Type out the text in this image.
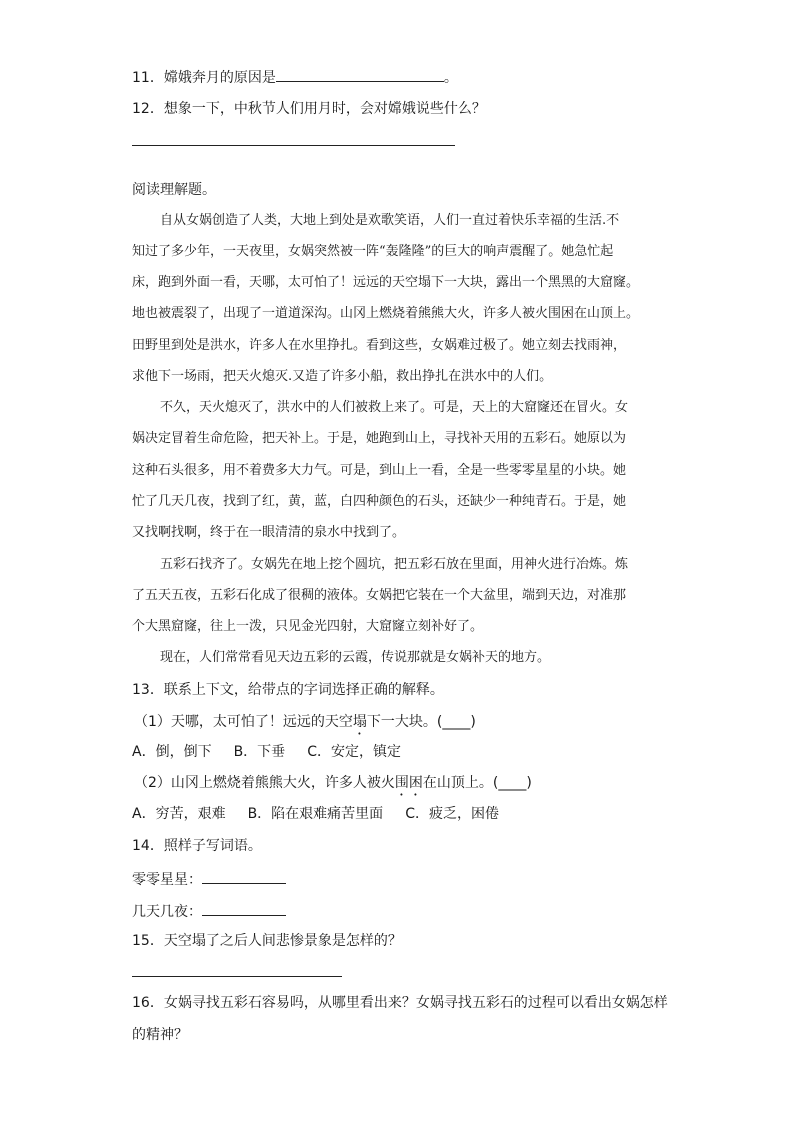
11．嫦娥奔月的原因是	。
12．想象一下，中秋节人们用月时，会对嫦娥说些什么？
阅读理解题。
自从女娲创造了人类，大地上到处是欢歌笑语，人们一直过着快乐幸福的生活.不
知过了多少年，一天夜里，女娲突然被一阵“轰隆隆”的巨大的响声震醒了。她急忙起
床，跑到外面一看，天哪，太可怕了！远远的天空塌下一大块，露出一个黑黑的大窟窿。
地也被震裂了，出现了一道道深沟。山冈上燃烧着熊熊大火，许多人被火围困在山顶上。
田野里到处是洪水，许多人在水里挣扎。看到这些，女娲难过极了。她立刻去找雨神，
求他下一场雨，把天火熄灭.又造了许多小船，救出挣扎在洪水中的人们。
不久，天火熄灭了，洪水中的人们被救上来了。可是，天上的大窟窿还在冒火。女
娲决定冒着生命危险，把天补上。于是，她跑到山上，寻找补天用的五彩石。她原以为
这种石头很多，用不着费多大力气。可是，到山上一看，全是一些零零星星的小块。她
忙了几天几夜，找到了红，黄，蓝，白四种颜色的石头，还缺少一种纯青石。于是，她
又找啊找啊，终于在一眼清清的泉水中找到了。
五彩石找齐了。女娲先在地上挖个圆坑，把五彩石放在里面，用神火进行冶炼。炼
了五天五夜，五彩石化成了很稠的液体。女娲把它装在一个大盆里，端到天边，对准那
个大黑窟窿，往上一泼，只见金光四射，大窟窿立刻补好了。
现在，人们常常看见天边五彩的云霞，传说那就是女娲补天的地方。
13．联系上下文，给带点的字词选择正确的解释。
（1）天哪，太可怕了！远远的天空塌下一大块。(____)
A．倒，倒下 B．下垂 C．安定，镇定
（2）山冈上燃烧着熊熊大火，许多人被火围困在山顶上。(____)
A．穷苦，艰难 B．陷在艰难痛苦里面 C．疲乏，困倦
14．照样子写词语。
零零星星：
几天几夜：
15．天空塌了之后人间悲惨景象是怎样的？
16．女娲寻找五彩石容易吗，从哪里看出来？女娲寻找五彩石的过程可以看出女娲怎样
的精神？
